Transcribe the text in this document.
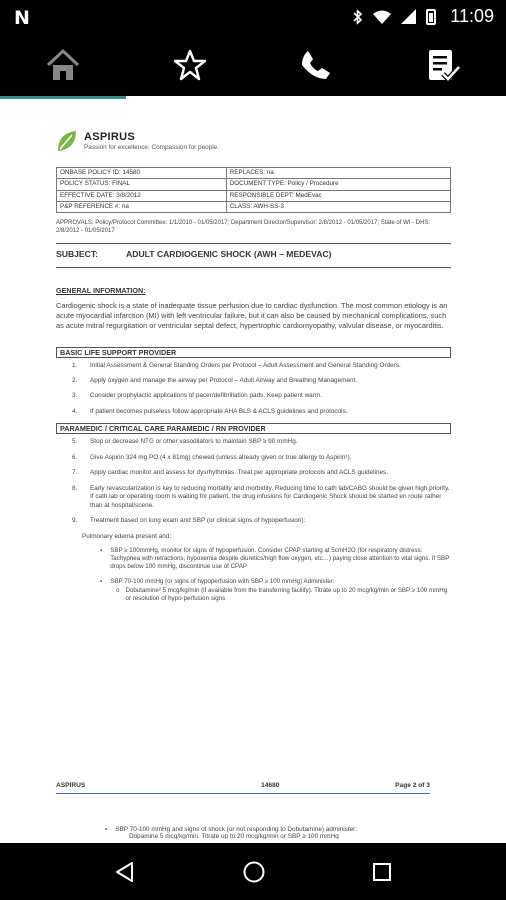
N	11:09
ASPIRUS
Passion for excellence. Compassion for people.
ONBASE POLICY ID: 14580	REPLACES: na
POLICY STATUS: FINAL	DOCUMENT TYPE: Policy / Procedure
EFFECTIVE DATE: 3/8/2012	RESPONSIBLE DEPT: MedEvac
P&P REFERENCE #: na	CLASS: AWH-SS-3
APPROVALS: Policy/Protocol Committee: 1/1/2010 - 01/05/2017; Department Director/Supervisor: 2/8/2012 - 01/05/2017; State of WI - DHS: 2/8/2012 - 01/05/2017
SUBJECT:	ADULT CARDIOGENIC SHOCK (AWH – MEDEVAC)
GENERAL INFORMATION:
Cardiogenic shock is a state of inadequate tissue perfusion due to cardiac dysfunction. The most common etiology is an acute myocardial infarction (MI) with left ventricular failure, but it can also be caused by mechanical complications, such as acute mitral regurgitation or ventricular septal defect, hypertrophic cardiomyopathy, valvular disease, or myocarditis.
BASIC LIFE SUPPORT PROVIDER
1.	Initial Assessment & General Standing Orders per Protocol – Adult Assessment and General Standing Orders.
2.	Apply oxygen and manage the airway per Protocol – Adult Airway and Breathing Management.
3.	Consider prophylactic applications of pacer/defibrillation pads. Keep patient warm.
4.	If patient becomes pulseless follow appropriate AHA BLS & ACLS guidelines and protocols.
PARAMEDIC / CRITICAL CARE PARAMEDIC / RN PROVIDER
5.	Stop or decrease NTG or other vasodilators to maintain SBP ≥ 90 mmHg.
6.	Give Aspirin 324 mg PO (4 x 81mg) chewed (unless already given or true allergy to Aspirin¹).
7.	Apply cardiac monitor and assess for dysrhythmias. Treat per appropriate protocols and ACLS guidelines.
8.	Early revascularization is key to reducing mortality and morbidity. Reducing time to cath lab/CABG should be given high priority. If cath lab or operating room is waiting for patient, the drug infusions for Cardiogenic Shock should be started en route rather than at hospital/scene.
9.	Treatment based on lung exam and SBP (or clinical signs of hypoperfusion):
Pulmonary edema present and:
▪ SBP ≥ 100mmHg, monitor for signs of hypoperfusion. Consider CPAP starting at 5cmH2O (for respiratory distress: Tachypnea with retractions, hypoxemia despite diuretics/high flow oxygen, etc…) paying close attention to vital signs. If SBP drops below 100 mmHg, discontinue use of CPAP
▪ SBP 70-100 mmHg (or signs of hypoperfusion with SBP ≥ 100 mmHg) Administer:
o Dobutamine² 5 mcg/kg/min (if available from the transferring facility). Titrate up to 20 mcg/kg/min or SBP ≥ 100 mmHg or resolution of hypo-perfusion signs
ASPIRUS	14680	Page 2 of 3
▪ SBP 70-100 mmHg and signs of shock (or not responding to Dobutamine) administer:
Dopamine 5 mcg/kg/min. Titrate up to 20 mcg/kg/min or SBP ≥ 100 mmHg
